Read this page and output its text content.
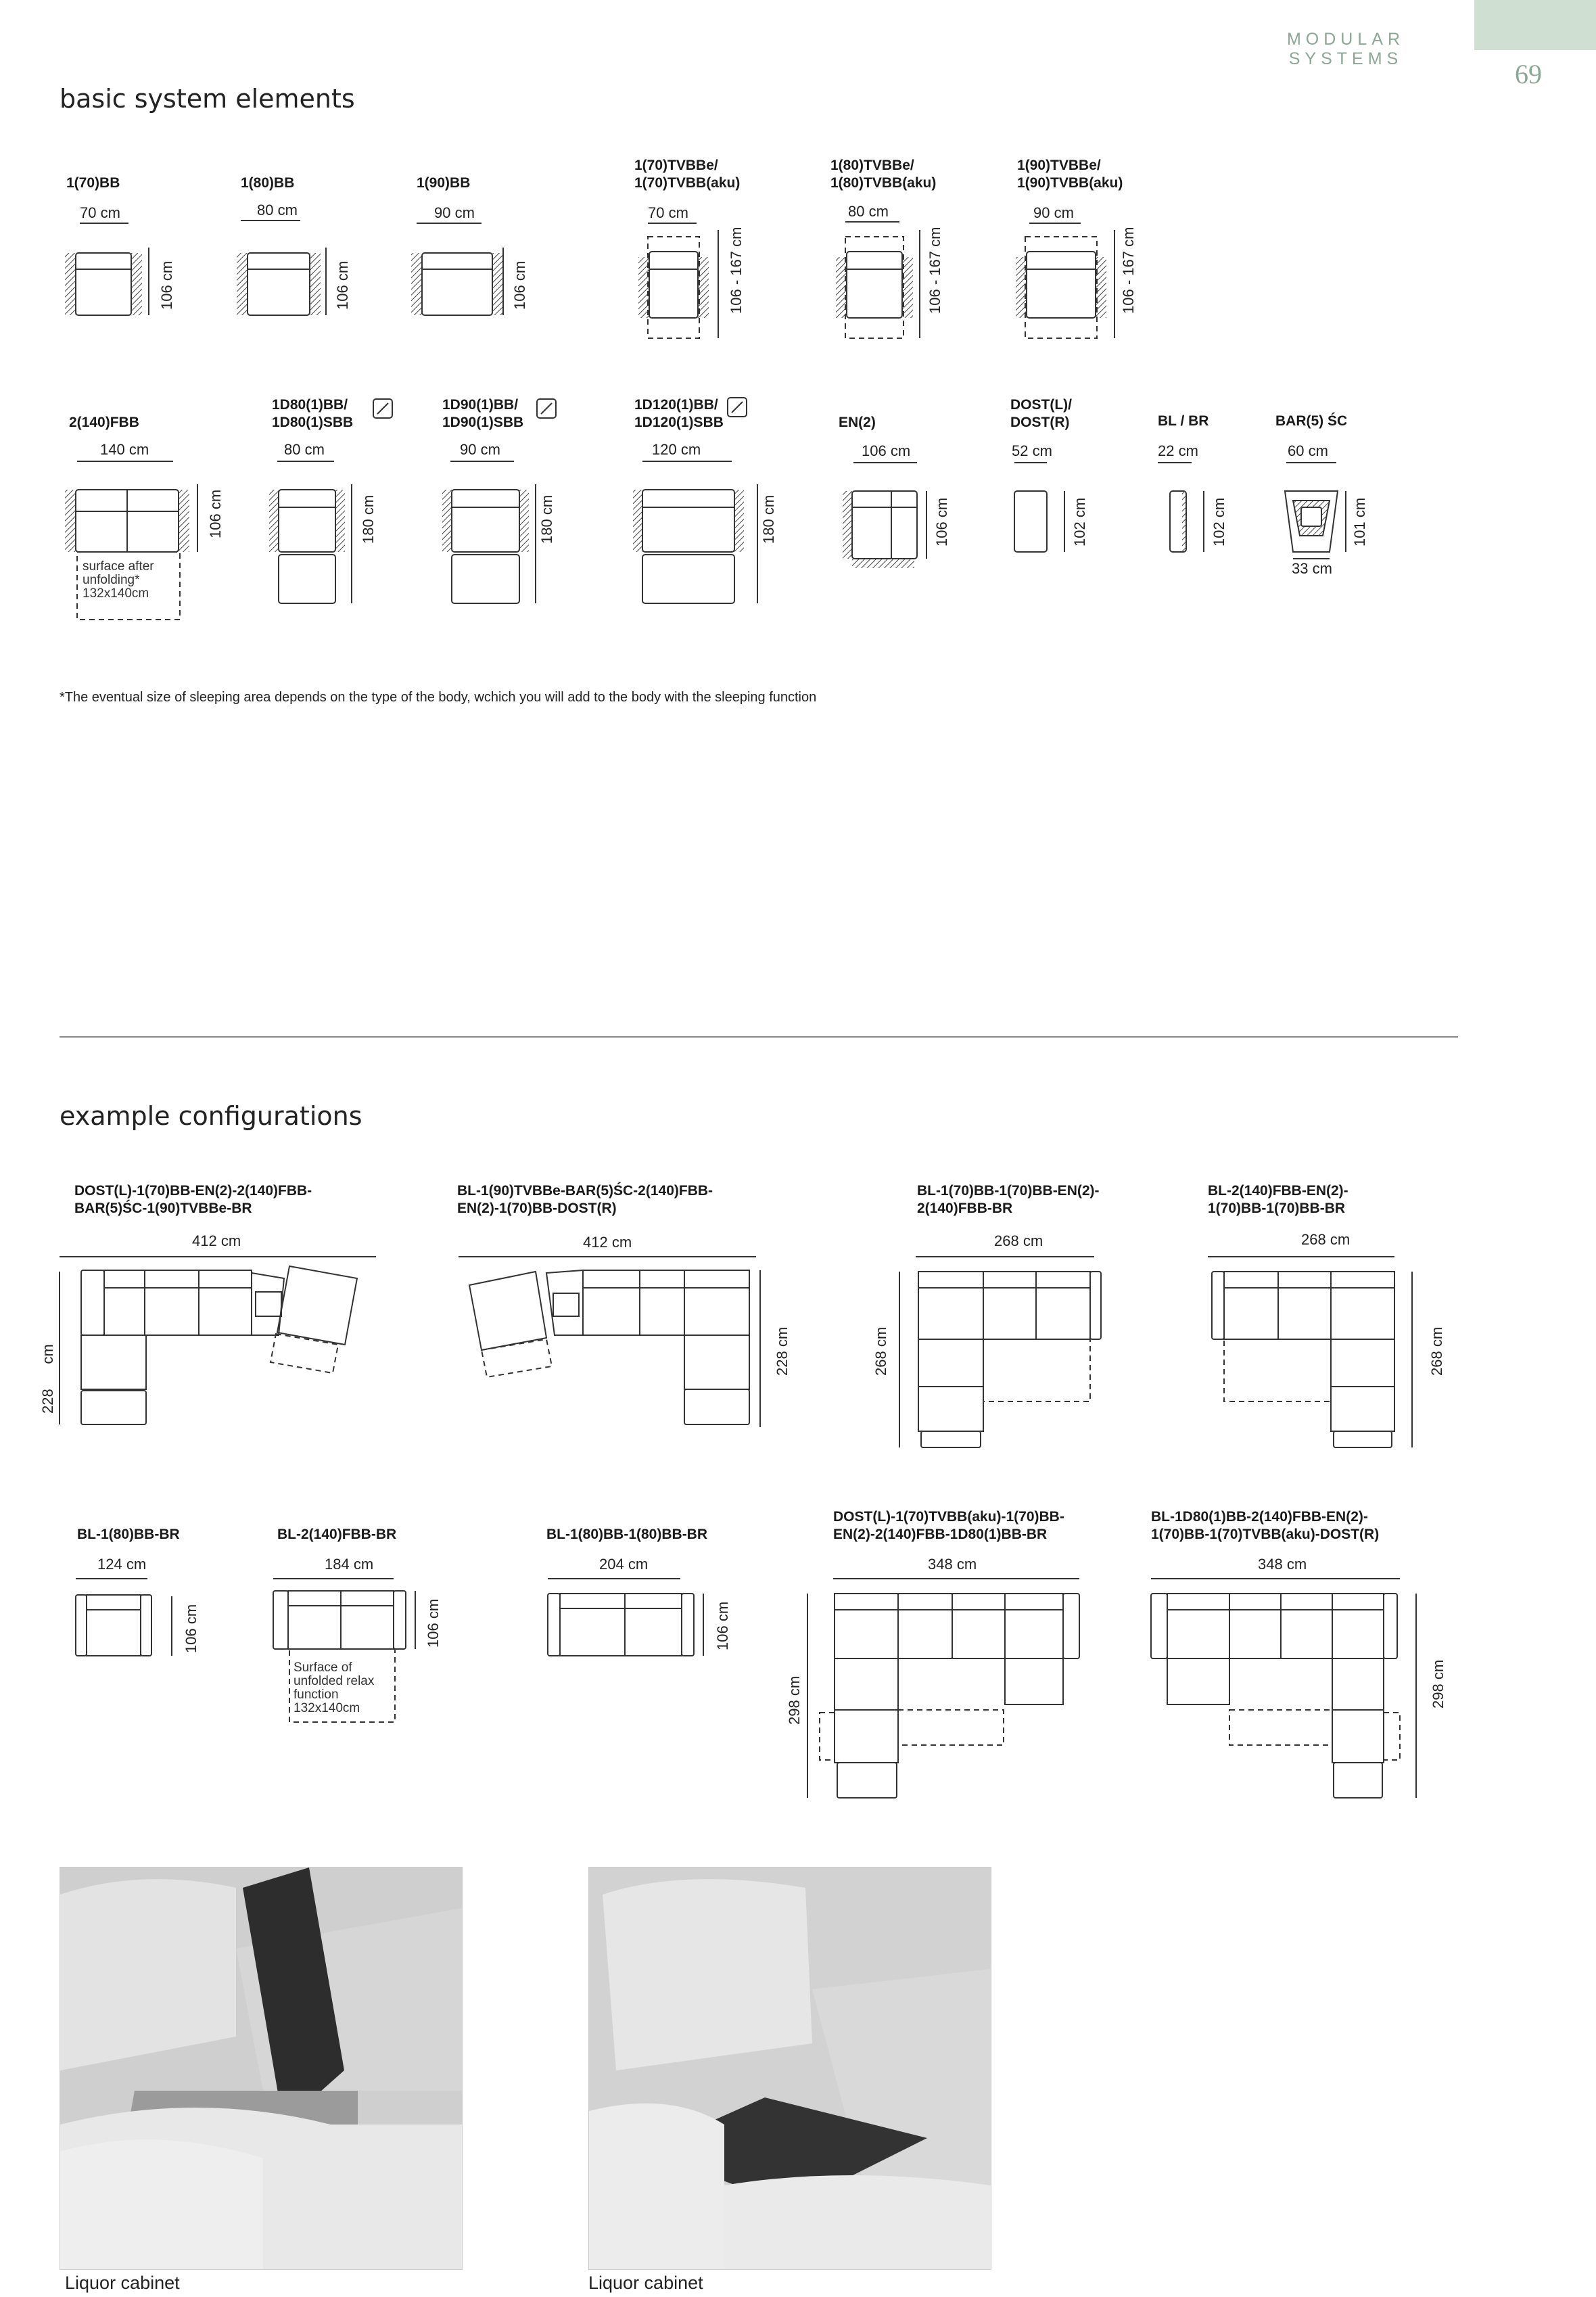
MODULAR SYSTEMS	69
basic system elements
1(70)BB	1(80)BB	1(90)BB
1(70)TVBBe/
1(70)TVBB(aku)
1(80)TVBBe/
1(80)TVBB(aku)
1(90)TVBBe/
1(90)TVBB(aku)
70 cm	80 cm	90 cm	70 cm	80 cm	90 cm
106 cm	106 cm	106 cm	106 - 167 cm	106 - 167 cm	106 - 167 cm
2(140)FBB
1D80(1)BB/
1D80(1)SBB
1D90(1)BB/
1D90(1)SBB
1D120(1)BB/
1D120(1)SBB	EN(2)
DOST(L)/
DOST(R)	BL / BR	BAR(5) ŚC
140 cm	80 cm	90 cm	120 cm	106 cm	52 cm	22 cm	60 cm
33 cm
106 cm	180 cm	180 cm	180 cm	106 cm	102 cm	102 cm	101 cm
surface after
unfolding*
132x140cm
*The eventual size of sleeping area depends on the type of the body, wchich you will add to the body with the sleeping function
example configurations
DOST(L)-1(70)BB-EN(2)-2(140)FBB-
BAR(5)ŚC-1(90)TVBBe-BR
BL-1(90)TVBBe-BAR(5)ŚC-2(140)FBB-
EN(2)-1(70)BB-DOST(R)
BL-1(70)BB-1(70)BB-EN(2)-
2(140)FBB-BR
BL-2(140)FBB-EN(2)-
1(70)BB-1(70)BB-BR
412 cm	412 cm	268 cm	268 cm
228      cm	228 cm	268 cm	268 cm
BL-1(80)BB-BR	BL-2(140)FBB-BR	BL-1(80)BB-1(80)BB-BR
DOST(L)-1(70)TVBB(aku)-1(70)BB-
EN(2)-2(140)FBB-1D80(1)BB-BR
BL-1D80(1)BB-2(140)FBB-EN(2)-
1(70)BB-1(70)TVBB(aku)-DOST(R)
124 cm	184 cm	204 cm	348 cm	348 cm
106 cm	106 cm	106 cm
298 cm	298 cm
Surface of
unfolded relax
function
132x140cm
Liquor cabinet	Liquor cabinet
